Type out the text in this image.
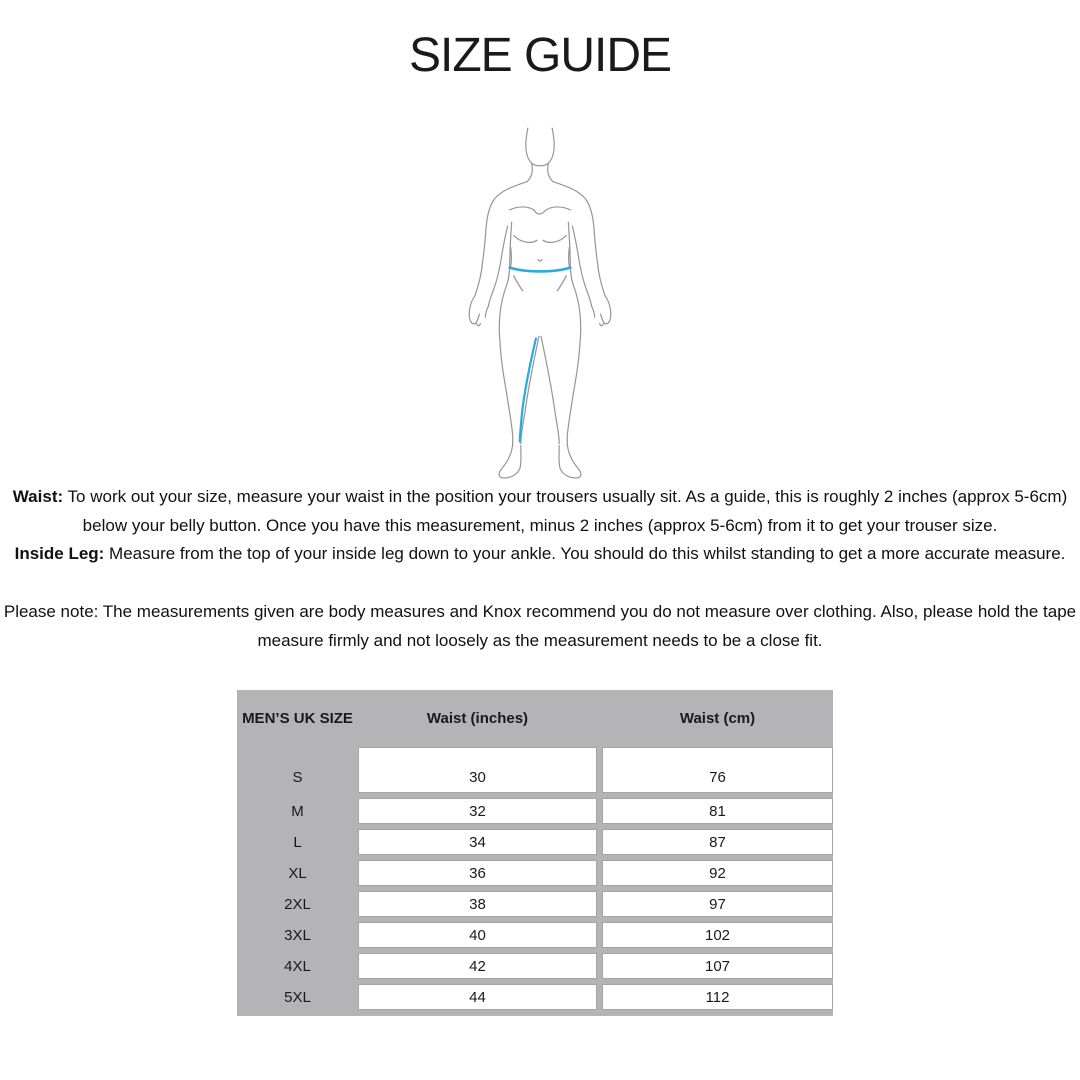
SIZE GUIDE
Waist: To work out your size, measure your waist in the position your trousers usually sit. As a guide, this is roughly 2 inches (approx 5-6cm)
below your belly button. Once you have this measurement, minus 2 inches (approx 5-6cm) from it to get your trouser size.
Inside Leg: Measure from the top of your inside leg down to your ankle. You should do this whilst standing to get a more accurate measure.
Please note: The measurements given are body measures and Knox recommend you do not measure over clothing. Also, please hold the tape
measure firmly and not loosely as the measurement needs to be a close fit.
MEN’S UK SIZE	Waist (inches)	Waist (cm)
S	30	76
M	32	81
L	34	87
XL	36	92
2XL	38	97
3XL	40	102
4XL	42	107
5XL	44	112
